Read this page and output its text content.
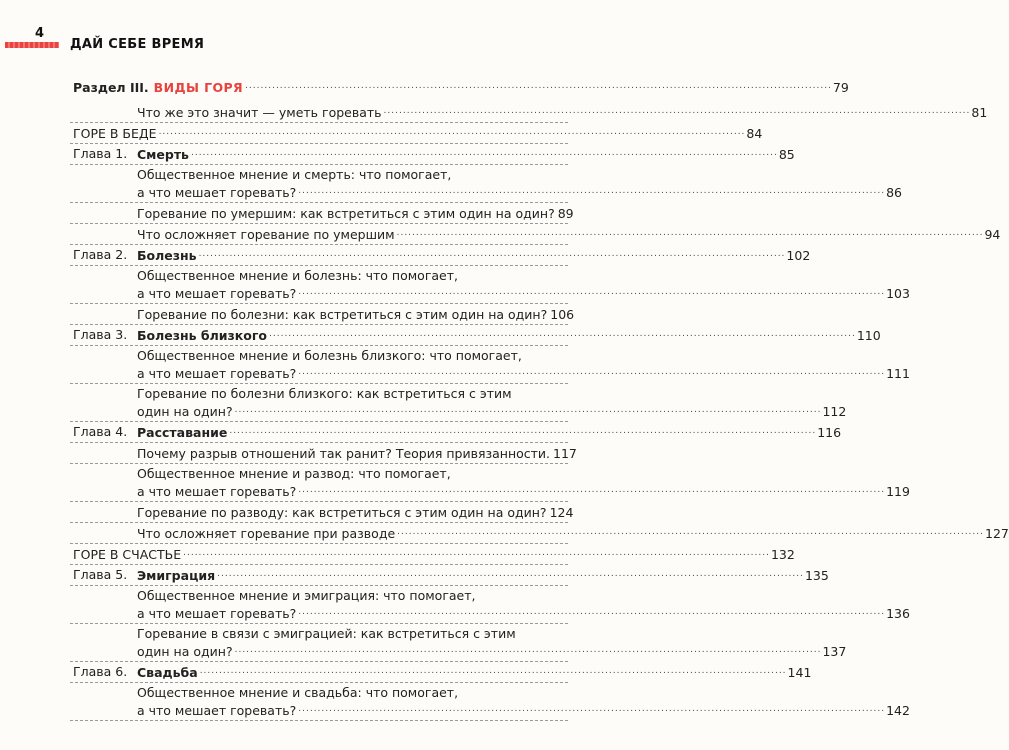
4
ДАЙ СЕБЕ ВРЕМЯ
Раздел III. ВИДЫ ГОРЯ ........................................................................................................................................................ 79
Что же это значит — уметь горевать ........................................................................................................................................................ 81
ГОРЕ В БЕДЕ ........................................................................................................................................................ 84
Глава 1. Смерть ........................................................................................................................................................ 85
Общественное мнение и смерть: что помогает,
а что мешает горевать? ........................................................................................................................................................ 86
Горевание по умершим: как встретиться с этим один на один? 89
Что осложняет горевание по умершим ........................................................................................................................................................ 94
Глава 2. Болезнь ........................................................................................................................................................ 102
Общественное мнение и болезнь: что помогает,
а что мешает горевать? ........................................................................................................................................................ 103
Горевание по болезни: как встретиться с этим один на один? 106
Глава 3. Болезнь близкого ........................................................................................................................................................ 110
Общественное мнение и болезнь близкого: что помогает,
а что мешает горевать? ........................................................................................................................................................ 111
Горевание по болезни близкого: как встретиться с этим
один на один? ........................................................................................................................................................ 112
Глава 4. Расставание ........................................................................................................................................................ 116
Почему разрыв отношений так ранит? Теория привязанности. 117
Общественное мнение и развод: что помогает,
а что мешает горевать? ........................................................................................................................................................ 119
Горевание по разводу: как встретиться с этим один на один? 124
Что осложняет горевание при разводе ........................................................................................................................................................ 127
ГОРЕ В СЧАСТЬЕ ........................................................................................................................................................ 132
Глава 5. Эмиграция ........................................................................................................................................................ 135
Общественное мнение и эмиграция: что помогает,
а что мешает горевать? ........................................................................................................................................................ 136
Горевание в связи с эмиграцией: как встретиться с этим
один на один? ........................................................................................................................................................ 137
Глава 6. Свадьба ........................................................................................................................................................ 141
Общественное мнение и свадьба: что помогает,
а что мешает горевать? ........................................................................................................................................................ 142
